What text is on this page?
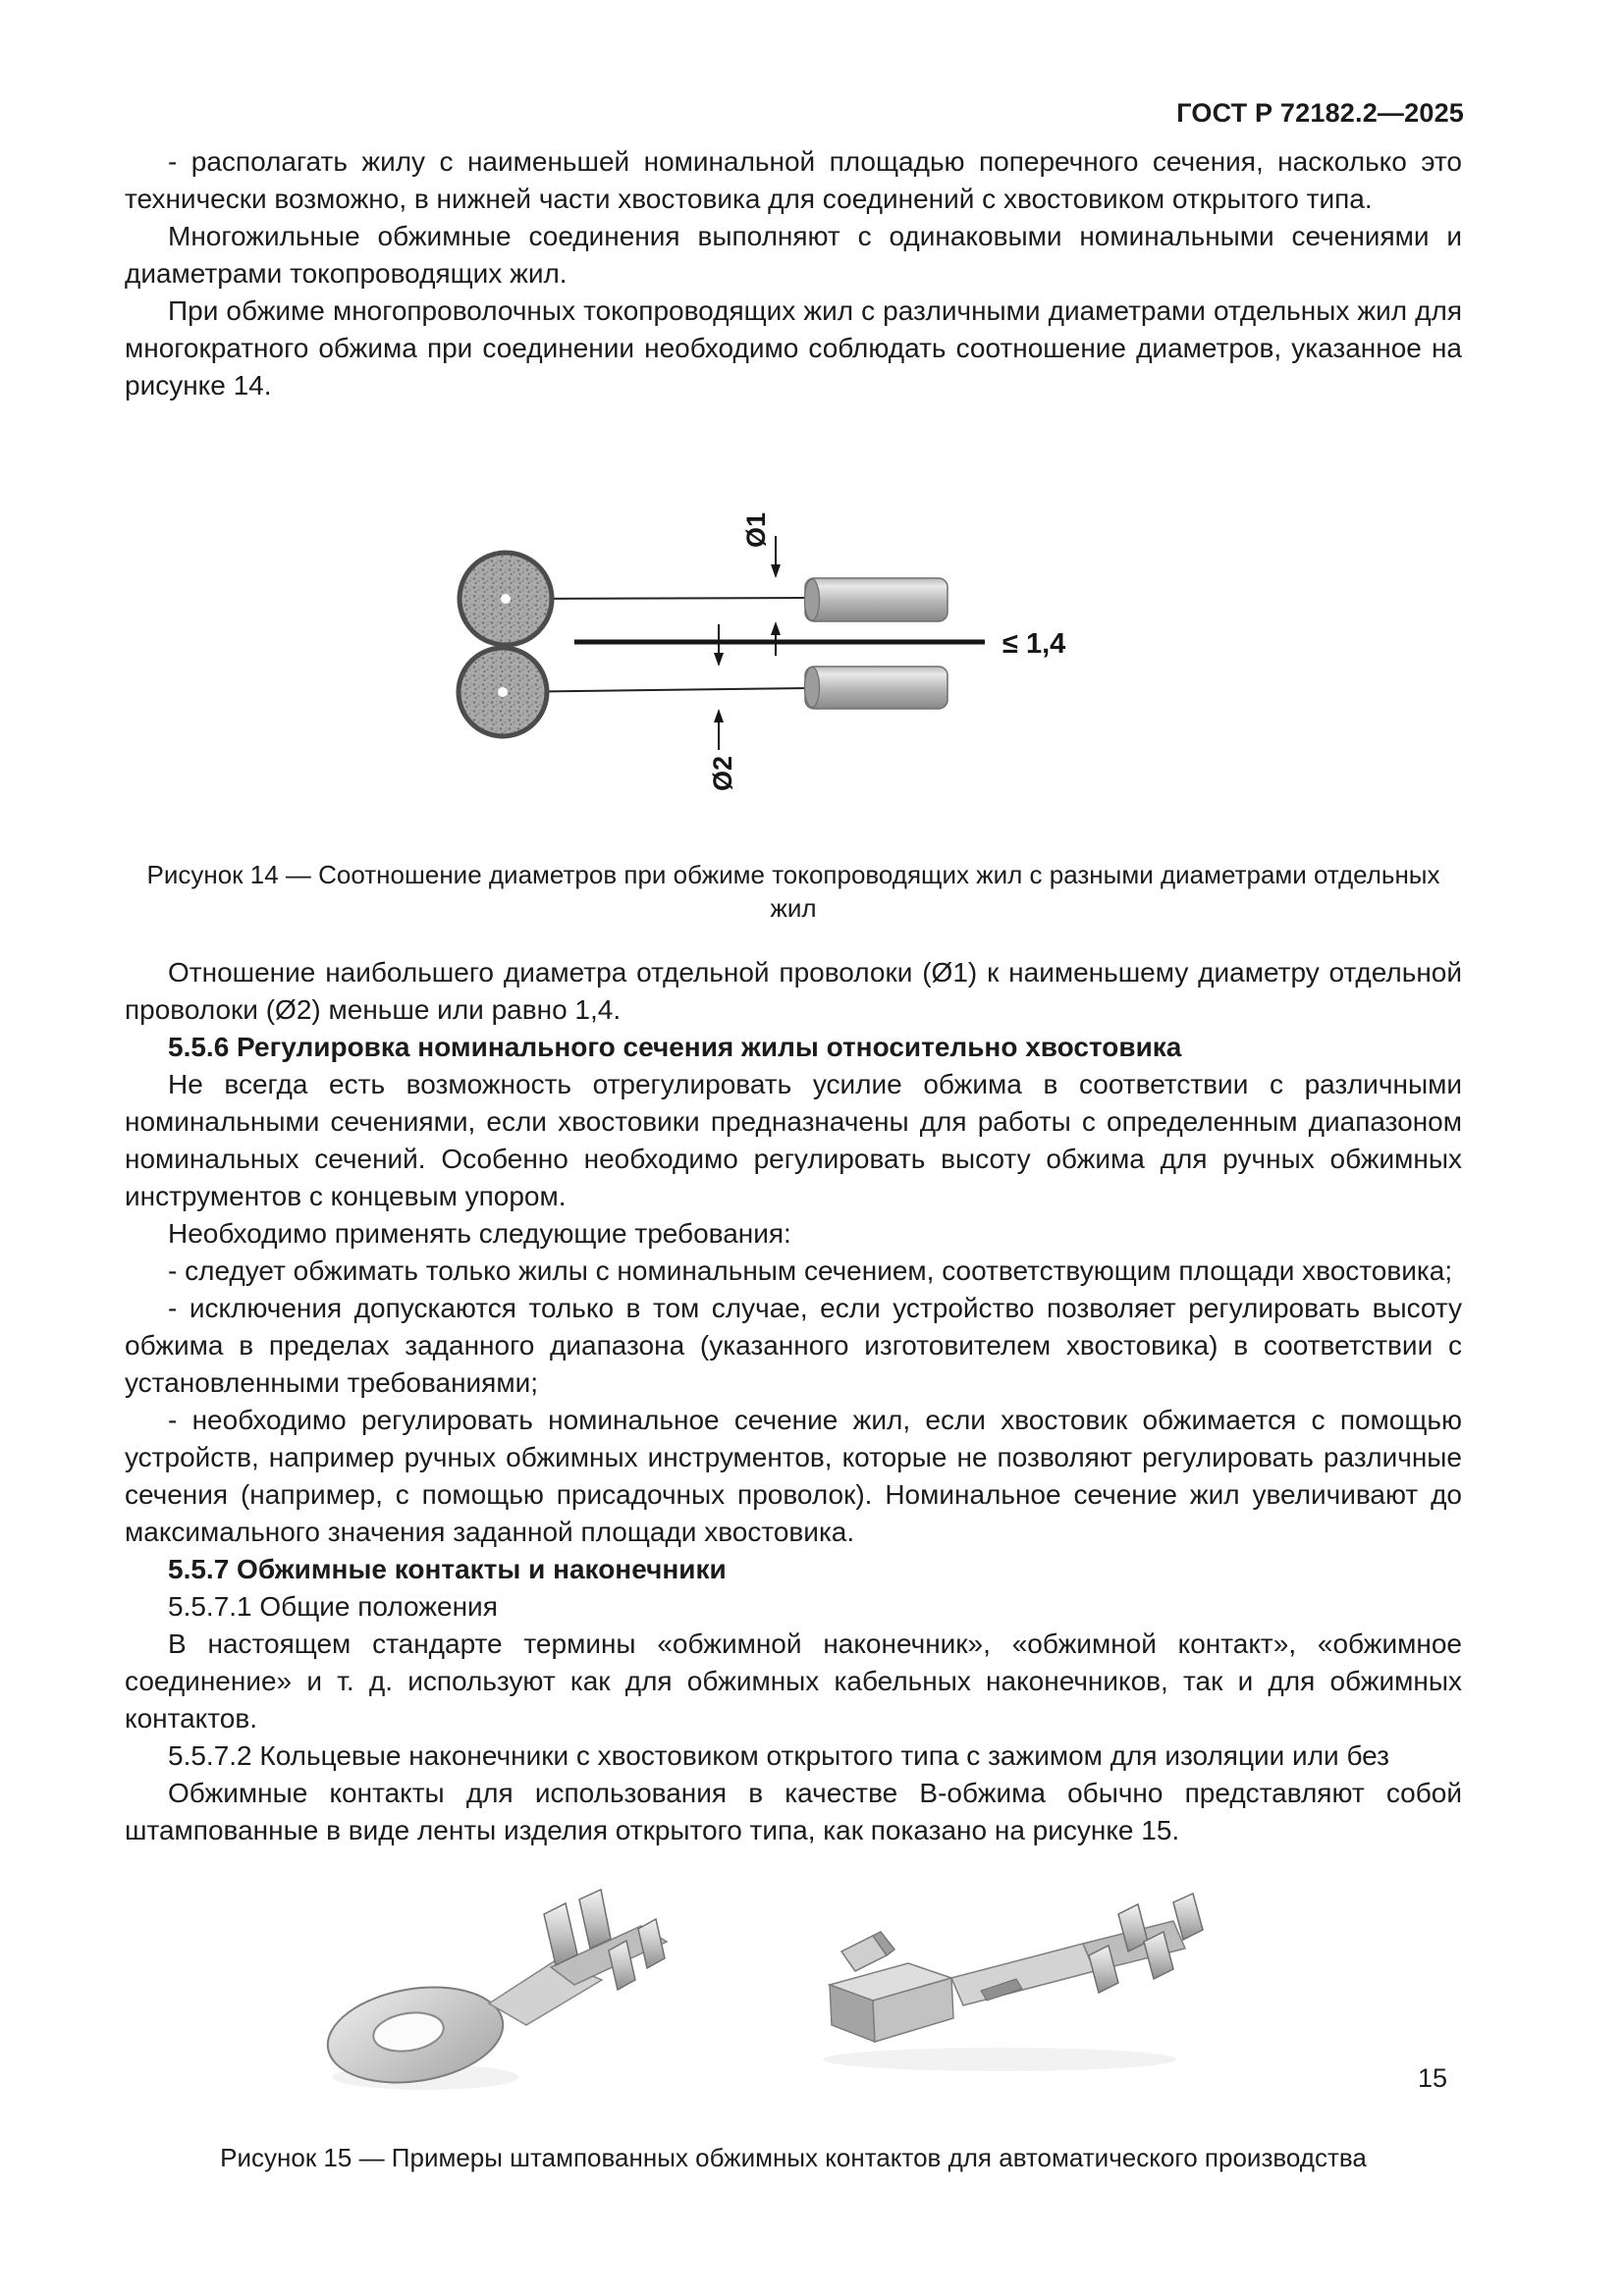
ГОСТ Р 72182.2—2025

- располагать жилу с наименьшей номинальной площадью поперечного сечения, насколько это технически возможно, в нижней части хвостовика для соединений с хвостовиком открытого типа.

Многожильные обжимные соединения выполняют с одинаковыми номинальными сечениями и диаметрами токопроводящих жил.

При обжиме многопроволочных токопроводящих жил с различными диаметрами отдельных жил для многократного обжима при соединении необходимо соблюдать соотношение диаметров, указанное на рисунке 14.

Ø1
Ø2
≤ 1,4

Рисунок 14 — Соотношение диаметров при обжиме токопроводящих жил с разными диаметрами отдельных жил

Отношение наибольшего диаметра отдельной проволоки (Ø1) к наименьшему диаметру отдельной проволоки (Ø2) меньше или равно 1,4.

5.5.6 Регулировка номинального сечения жилы относительно хвостовика

Не всегда есть возможность отрегулировать усилие обжима в соответствии с различными номинальными сечениями, если хвостовики предназначены для работы с определенным диапазоном номинальных сечений. Особенно необходимо регулировать высоту обжима для ручных обжимных инструментов с концевым упором.

Необходимо применять следующие требования:

- следует обжимать только жилы с номинальным сечением, соответствующим площади хвостовика;

- исключения допускаются только в том случае, если устройство позволяет регулировать высоту обжима в пределах заданного диапазона (указанного изготовителем хвостовика) в соответствии с установленными требованиями;

- необходимо регулировать номинальное сечение жил, если хвостовик обжимается с помощью устройств, например ручных обжимных инструментов, которые не позволяют регулировать различные сечения (например, с помощью присадочных проволок). Номинальное сечение жил увеличивают до максимального значения заданной площади хвостовика.

5.5.7 Обжимные контакты и наконечники

5.5.7.1 Общие положения

В настоящем стандарте термины «обжимной наконечник», «обжимной контакт», «обжимное соединение» и т. д. используют как для обжимных кабельных наконечников, так и для обжимных контактов.

5.5.7.2 Кольцевые наконечники с хвостовиком открытого типа с зажимом для изоляции или без

Обжимные контакты для использования в качестве В-обжима обычно представляют собой штампованные в виде ленты изделия открытого типа, как показано на рисунке 15.

Рисунок 15 — Примеры штампованных обжимных контактов для автоматического производства

15
